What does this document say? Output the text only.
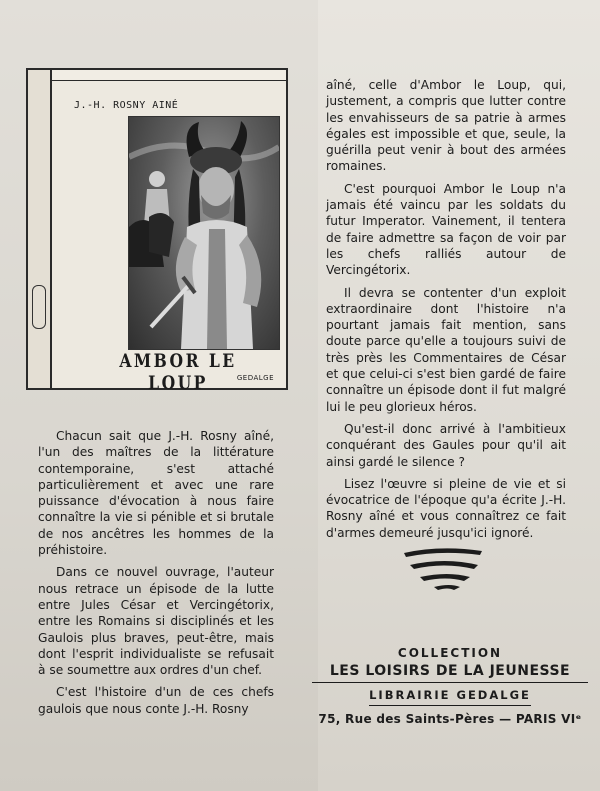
J.-H. ROSNY AINÉ
AMBOR LE LOUP	GEDALGE

Chacun sait que J.-H. Rosny aîné, l'un des maîtres de la littérature contemporaine, s'est attaché particulièrement et avec une rare puissance d'évocation à nous faire connaître la vie si pénible et si brutale de nos ancêtres les hommes de la préhistoire.

Dans ce nouvel ouvrage, l'auteur nous retrace un épisode de la lutte entre Jules César et Vercingétorix, entre les Romains si disciplinés et les Gaulois plus braves, peut-être, mais dont l'esprit individualiste se refusait à se soumettre aux ordres d'un chef.

C'est l'histoire d'un de ces chefs gaulois que nous conte J.-H. Rosny

aîné, celle d'Ambor le Loup, qui, justement, a compris que lutter contre les envahisseurs de sa patrie à armes égales est impossible et que, seule, la guérilla peut venir à bout des armées romaines.

C'est pourquoi Ambor le Loup n'a jamais été vaincu par les soldats du futur Imperator. Vainement, il tentera de faire admettre sa façon de voir par les chefs ralliés autour de Vercingétorix.

Il devra se contenter d'un exploit extraordinaire dont l'histoire n'a pourtant jamais fait mention, sans doute parce qu'elle a toujours suivi de très près les Commentaires de César et que celui-ci s'est bien gardé de faire connaître un épisode dont il fut malgré lui le peu glorieux héros.

Qu'est-il donc arrivé à l'ambitieux conquérant des Gaules pour qu'il ait ainsi gardé le silence ?

Lisez l'œuvre si pleine de vie et si évocatrice de l'époque qu'a écrite J.-H. Rosny aîné et vous connaîtrez ce fait d'armes demeuré jusqu'ici ignoré.

COLLECTION
LES LOISIRS DE LA JEUNESSE
LIBRAIRIE GEDALGE
75, Rue des Saints-Pères — PARIS VIᵉ
